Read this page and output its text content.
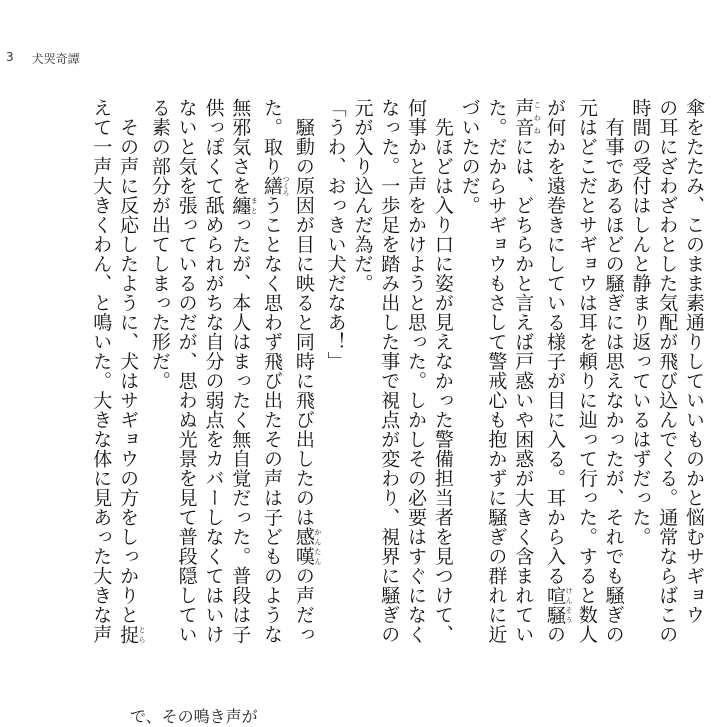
3 犬哭奇譚

傘をたたみ、このまま素通りしていいものかと悩むサギョウ

の耳にざわざわとした気配が飛び込んでくる。通常ならばこの

時間の受付はしんと静まり返っているはずだった。

　有事であるほどの騒ぎには思えなかったが、それでも騒ぎの

元はどこだとサギョウは耳を頼りに辿って行った。すると数人

が何かを遠巻きにしている様子が目に入る。耳から入る喧騒 けんそうの

声音 こわねには、どちらかと言えば戸惑いや困惑が大きく含まれてい

た。だからサギョウもさして警戒心も抱かずに騒ぎの群れに近

づいたのだ。

　先ほどは入り口に姿が見えなかった警備担当者を見つけて、

何事かと声をかけようと思った。しかしその必要はすぐになく

なった。一歩足を踏み出した事で視点が変わり、視界に騒ぎの

元が入り込んだ為だ。

「うわ、おっきい犬だなあ！」

　騒動の原因が目に映ると同時に飛び出したのは感嘆 かんたんの声だっ

た。取り繕 つくろうことなく思わず飛び出たその声は子どものような

無邪気さを纏 まとったが、本人はまったく無自覚だった。普段は子

供っぽくて舐められがちな自分の弱点をカバーしなくてはいけ

ないと気を張っているのだが、思わぬ光景を見て普段隠してい

る素の部分が出てしまった形だ。

　その声に反応したように、犬はサギョウの方をしっかりと捉 とら

えて一声大きくわん、と鳴いた。大きな体に見あった大きな声

で、その鳴き声が
